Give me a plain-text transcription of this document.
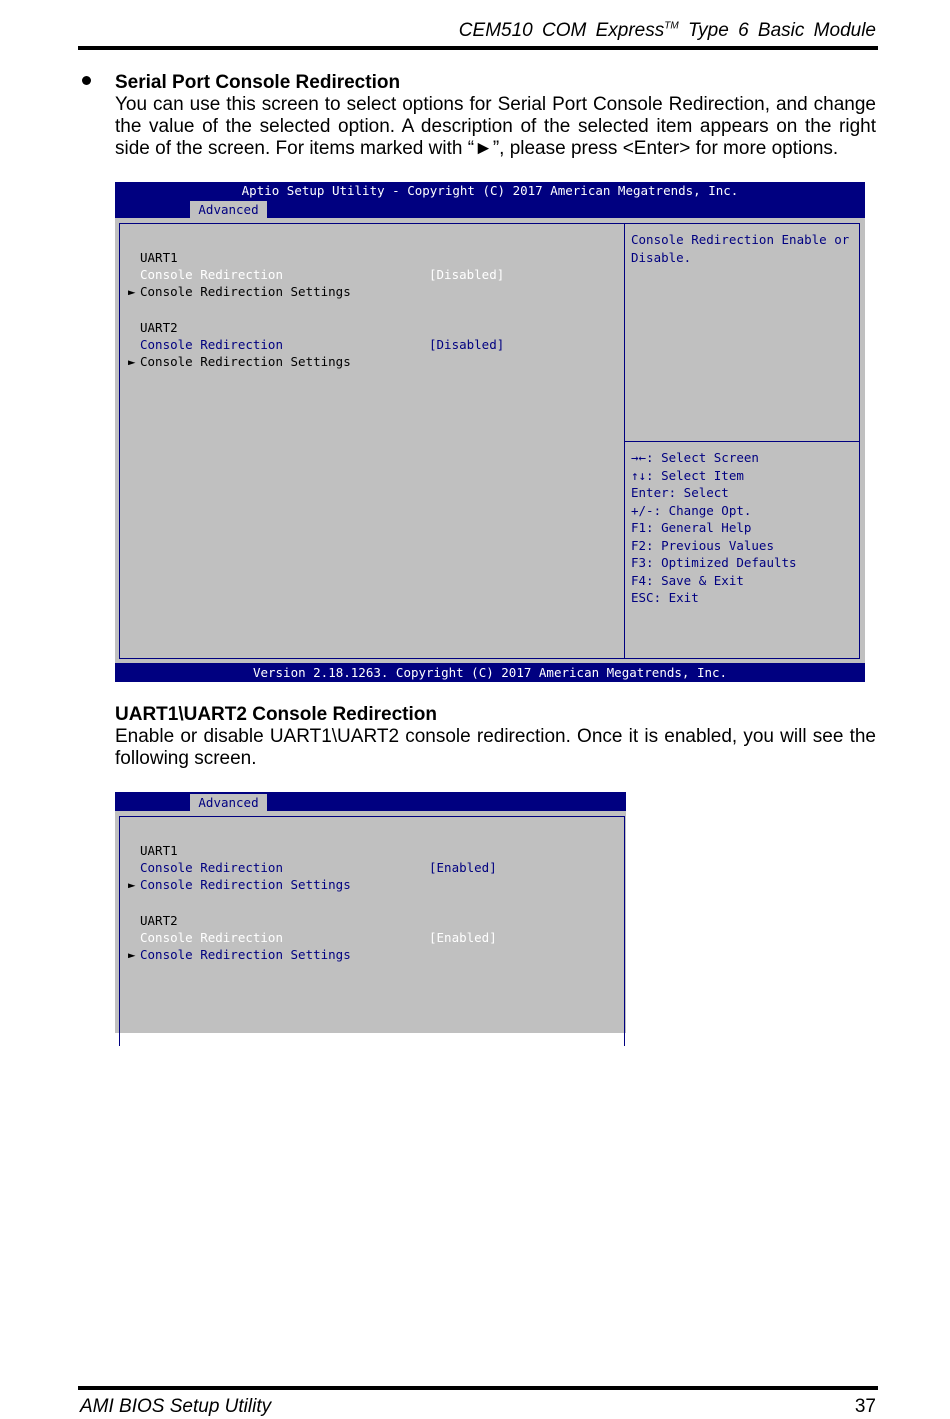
CEM510 COM Express™ Type 6 Basic Module
Serial Port Console Redirection

You can use this screen to select options for Serial Port Console Redirection, and change the value of the selected option. A description of the selected item appears on the right side of the screen. For items marked with “►”, please press <Enter> for more options.

Aptio Setup Utility - Copyright (C) 2017 American Megatrends, Inc.
Advanced
UART1
Console Redirection	[Disabled]
► Console Redirection Settings
UART2
Console Redirection	[Disabled]
► Console Redirection Settings
Console Redirection Enable or
Disable.
→←: Select Screen
↑↓: Select Item
Enter: Select
+/-: Change Opt.
F1: General Help
F2: Previous Values
F3: Optimized Defaults
F4: Save & Exit
ESC: Exit
Version 2.18.1263. Copyright (C) 2017 American Megatrends, Inc.
UART1\UART2 Console Redirection

Enable or disable UART1\UART2 console redirection. Once it is enabled, you will see the following screen.

Advanced
UART1
Console Redirection	[Enabled]
► Console Redirection Settings
UART2
Console Redirection	[Enabled]
► Console Redirection Settings
AMI BIOS Setup Utility	37
